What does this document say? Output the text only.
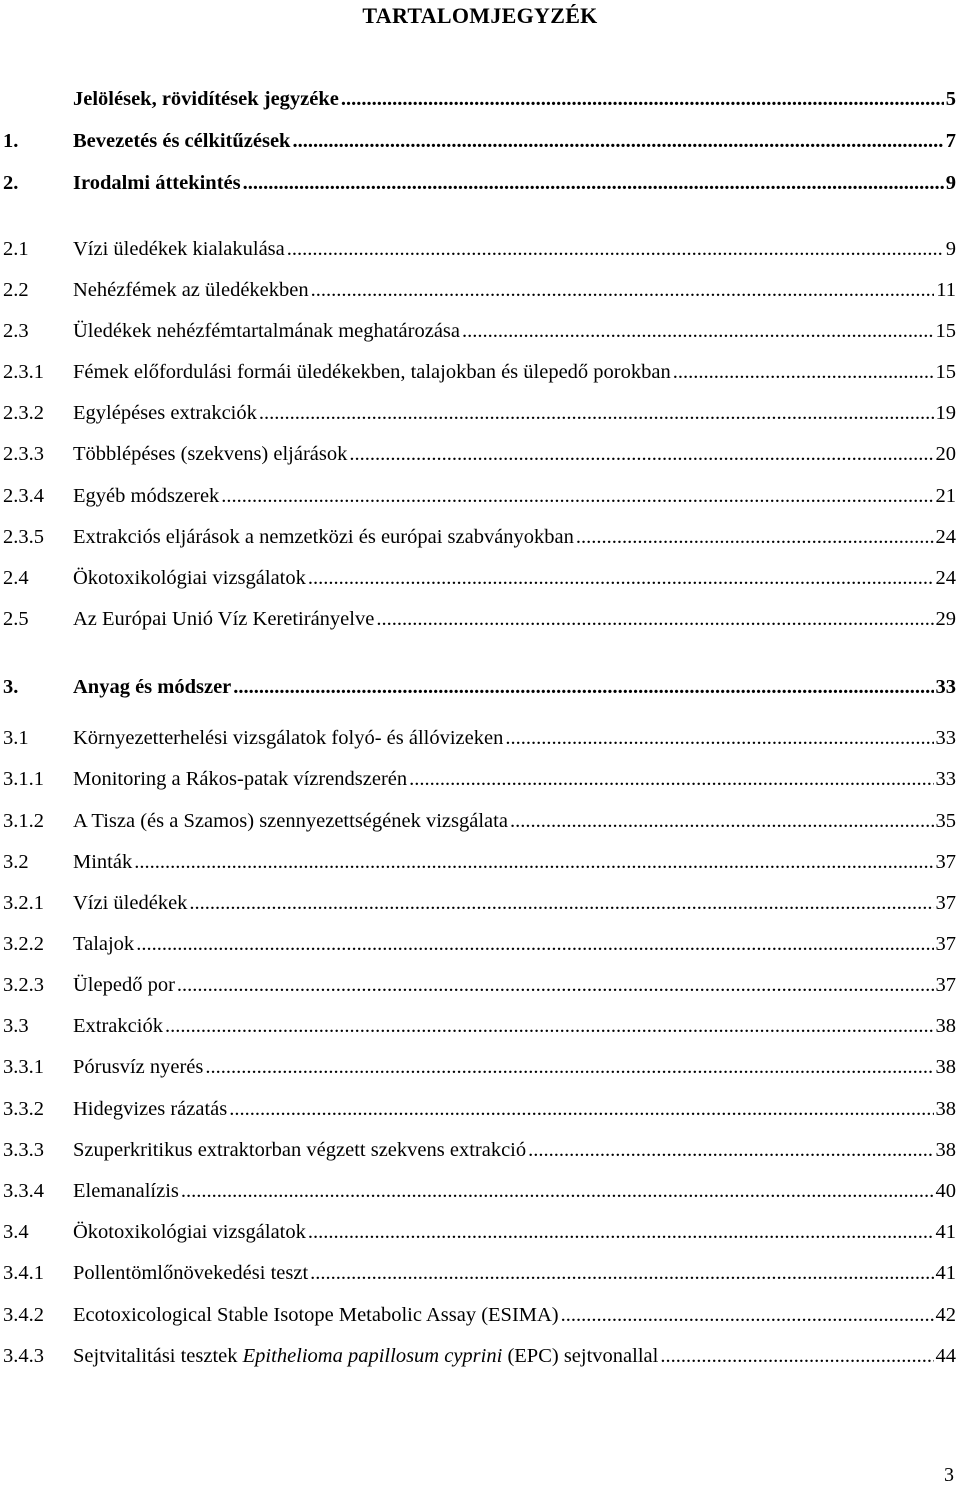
TARTALOMJEGYZÉK
Jelölések, rövidítések jegyzéke .....	5
1.	Bevezetés és célkitűzések .....	7
2.	Irodalmi áttekintés .....	9
2.1	Vízi üledékek kialakulása .....	9
2.2	Nehézfémek az üledékekben .....	11
2.3	Üledékek nehézfémtartalmának meghatározása .....	15
2.3.1	Fémek előfordulási formái üledékekben, talajokban és ülepedő porokban .....	15
2.3.2	Egylépéses extrakciók .....	19
2.3.3	Többlépéses (szekvens) eljárások .....	20
2.3.4	Egyéb módszerek .....	21
2.3.5	Extrakciós eljárások a nemzetközi és európai szabványokban .....	24
2.4	Ökotoxikológiai vizsgálatok .....	24
2.5	Az Európai Unió Víz Keretirányelve .....	29
3.	Anyag és módszer .....	33
3.1	Környezetterhelési vizsgálatok folyó- és állóvizeken .....	33
3.1.1	Monitoring a Rákos-patak vízrendszerén .....	33
3.1.2	A Tisza (és a Szamos) szennyezettségének vizsgálata .....	35
3.2	Minták .....	37
3.2.1	Vízi üledékek .....	37
3.2.2	Talajok .....	37
3.2.3	Ülepedő por .....	37
3.3	Extrakciók .....	38
3.3.1	Pórusvíz nyerés .....	38
3.3.2	Hidegvizes rázatás .....	38
3.3.3	Szuperkritikus extraktorban végzett szekvens extrakció .....	38
3.3.4	Elemanalízis .....	40
3.4	Ökotoxikológiai vizsgálatok .....	41
3.4.1	Pollentömlőnövekedési teszt .....	41
3.4.2	Ecotoxicological Stable Isotope Metabolic Assay (ESIMA) .....	42
3.4.3	Sejtvitalitási tesztek Epithelioma papillosum cyprini (EPC) sejtvonallal .....	44
3
